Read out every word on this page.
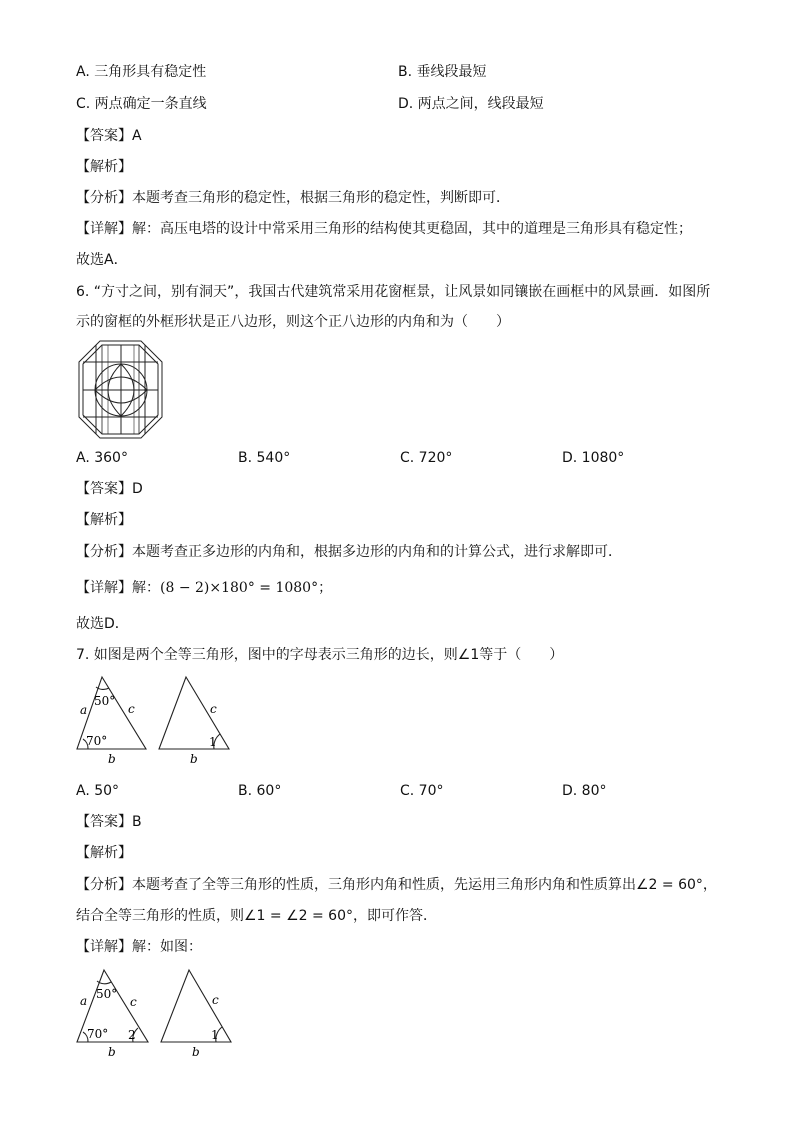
A. 三角形具有稳定性	B. 垂线段最短
C. 两点确定一条直线	D. 两点之间，线段最短
【答案】A
【解析】
【分析】本题考查三角形的稳定性，根据三角形的稳定性，判断即可．
【详解】解：高压电塔的设计中常采用三角形的结构使其更稳固，其中的道理是三角形具有稳定性；
故选A．
6. “方寸之间，别有洞天”，我国古代建筑常采用花窗框景，让风景如同镶嵌在画框中的风景画．如图所
示的窗框的外框形状是正八边形，则这个正八边形的内角和为（　　）
A. 360°	B. 540°	C. 720°	D. 1080°
【答案】D
【解析】
【分析】本题考查正多边形的内角和，根据多边形的内角和的计算公式，进行求解即可．
【详解】解：(8 − 2)×180° = 1080°；
故选D．
7. 如图是两个全等三角形，图中的字母表示三角形的边长，则∠1等于（　　）
a
50°
c
70°
b
c
1
b
A. 50°	B. 60°	C. 70°	D. 80°
【答案】B
【解析】
【分析】本题考查了全等三角形的性质，三角形内角和性质，先运用三角形内角和性质算出∠2 = 60°，
结合全等三角形的性质，则∠1 = ∠2 = 60°，即可作答．
【详解】解：如图：
a 50°
c
70° 2
b
c
1
b
